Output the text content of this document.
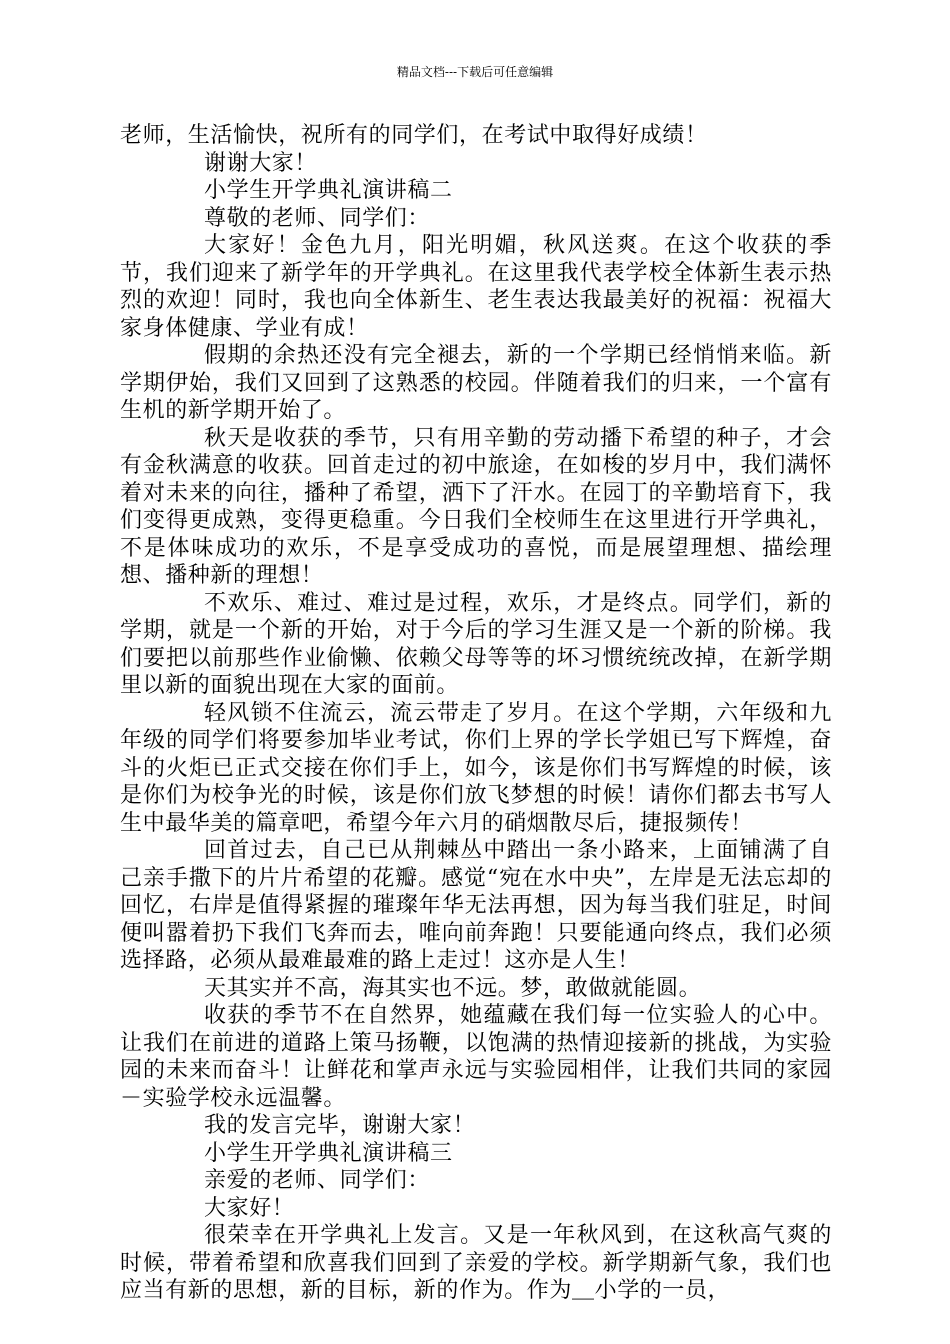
精品文档---下载后可任意编辑

老师，生活愉快，祝所有的同学们，在考试中取得好成绩！

谢谢大家！

小学生开学典礼演讲稿二

尊敬的老师、同学们：

大家好！金色九月，阳光明媚，秋风送爽。在这个收获的季节，我们迎来了新学年的开学典礼。在这里我代表学校全体新生表示热烈的欢迎！同时，我也向全体新生、老生表达我最美好的祝福：祝福大家身体健康、学业有成！

假期的余热还没有完全褪去，新的一个学期已经悄悄来临。新学期伊始，我们又回到了这熟悉的校园。伴随着我们的归来，一个富有生机的新学期开始了。

秋天是收获的季节，只有用辛勤的劳动播下希望的种子，才会有金秋满意的收获。回首走过的初中旅途，在如梭的岁月中，我们满怀着对未来的向往，播种了希望，洒下了汗水。在园丁的辛勤培育下，我们变得更成熟，变得更稳重。今日我们全校师生在这里进行开学典礼，不是体味成功的欢乐，不是享受成功的喜悦，而是展望理想、描绘理想、播种新的理想！

不欢乐、难过、难过是过程，欢乐，才是终点。同学们，新的学期，就是一个新的开始，对于今后的学习生涯又是一个新的阶梯。我们要把以前那些作业偷懒、依赖父母等等的坏习惯统统改掉，在新学期里以新的面貌出现在大家的面前。

轻风锁不住流云，流云带走了岁月。在这个学期，六年级和九年级的同学们将要参加毕业考试，你们上界的学长学姐已写下辉煌，奋斗的火炬已正式交接在你们手上，如今，该是你们书写辉煌的时候，该是你们为校争光的时候，该是你们放飞梦想的时候！请你们都去书写人生中最华美的篇章吧，希望今年六月的硝烟散尽后，捷报频传！

回首过去，自己已从荆棘丛中踏出一条小路来，上面铺满了自己亲手撒下的片片希望的花瓣。感觉“宛在水中央”，左岸是无法忘却的回忆，右岸是值得紧握的璀璨年华无法再想，因为每当我们驻足，时间便叫嚣着扔下我们飞奔而去，唯向前奔跑！只要能通向终点，我们必须选择路，必须从最难最难的路上走过！这亦是人生！

天其实并不高，海其实也不远。梦，敢做就能圆。

收获的季节不在自然界，她蕴藏在我们每一位实验人的心中。让我们在前进的道路上策马扬鞭，以饱满的热情迎接新的挑战，为实验园的未来而奋斗！让鲜花和掌声永远与实验园相伴，让我们共同的家园－实验学校永远温馨。

我的发言完毕，谢谢大家！

小学生开学典礼演讲稿三

亲爱的老师、同学们：

大家好！

很荣幸在开学典礼上发言。又是一年秋风到，在这秋高气爽的时候，带着希望和欣喜我们回到了亲爱的学校。新学期新气象，我们也应当有新的思想，新的目标，新的作为。作为＿小学的一员，
